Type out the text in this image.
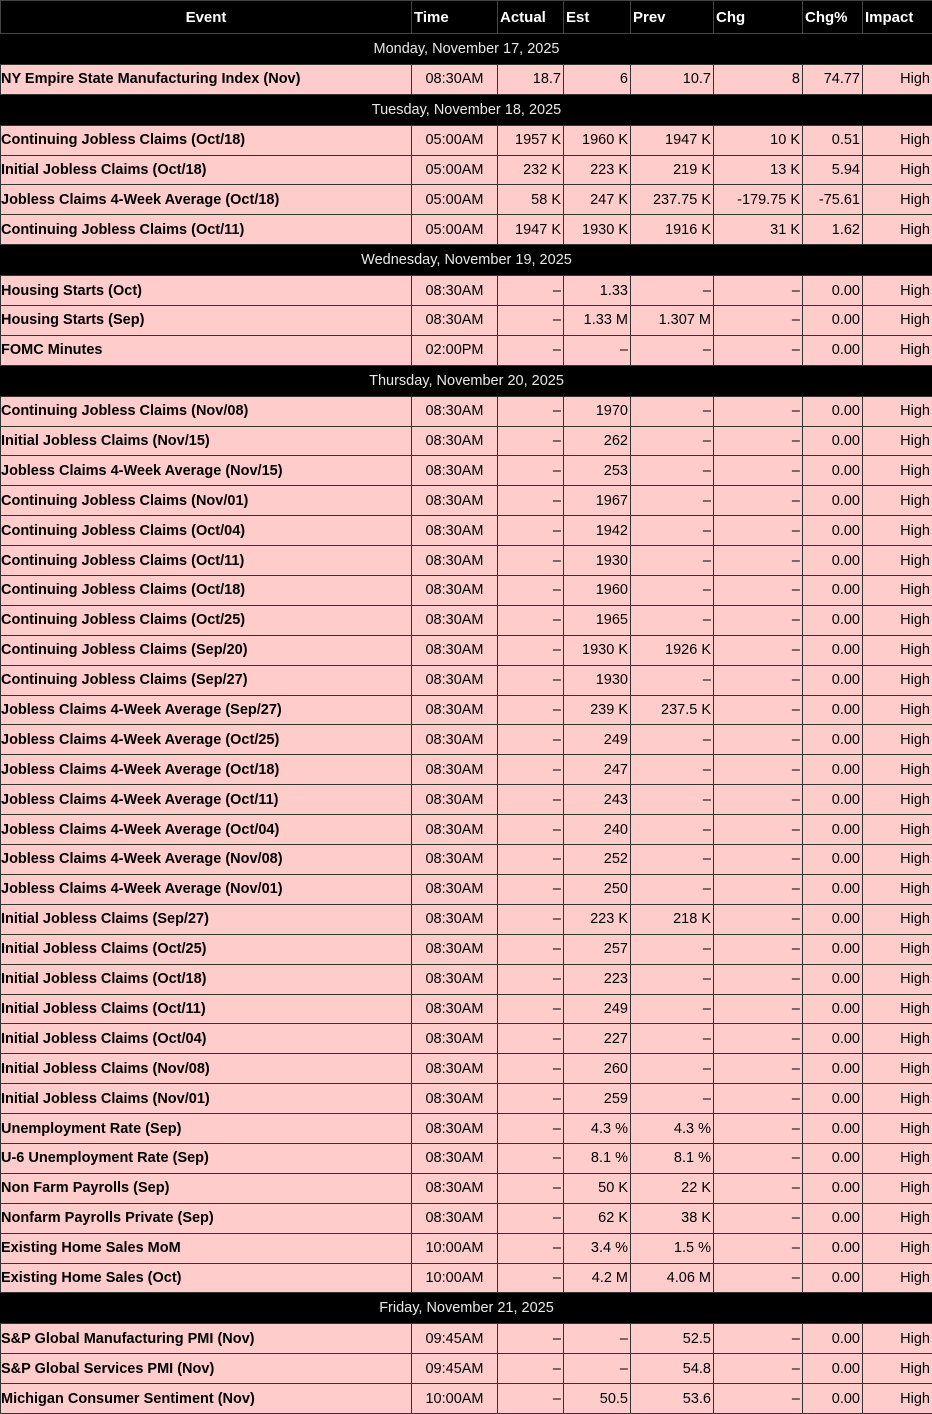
Event	Time	Actual	Est	Prev	Chg	Chg%	Impact
Monday, November 17, 2025							
NY Empire State Manufacturing Index (Nov)	08:30AM	18.7	6	10.7	8	74.77	High
Tuesday, November 18, 2025							
Continuing Jobless Claims (Oct/18)	05:00AM	1957 K	1960 K	1947 K	10 K	0.51	High
Initial Jobless Claims (Oct/18)	05:00AM	232 K	223 K	219 K	13 K	5.94	High
Jobless Claims 4-Week Average (Oct/18)	05:00AM	58 K	247 K	237.75 K	-179.75 K	-75.61	High
Continuing Jobless Claims (Oct/11)	05:00AM	1947 K	1930 K	1916 K	31 K	1.62	High
Wednesday, November 19, 2025							
Housing Starts (Oct)	08:30AM	–	1.33	–	–	0.00	High
Housing Starts (Sep)	08:30AM	–	1.33 M	1.307 M	–	0.00	High
FOMC Minutes	02:00PM	–	–	–	–	0.00	High
Thursday, November 20, 2025							
Continuing Jobless Claims (Nov/08)	08:30AM	–	1970	–	–	0.00	High
Initial Jobless Claims (Nov/15)	08:30AM	–	262	–	–	0.00	High
Jobless Claims 4-Week Average (Nov/15)	08:30AM	–	253	–	–	0.00	High
Continuing Jobless Claims (Nov/01)	08:30AM	–	1967	–	–	0.00	High
Continuing Jobless Claims (Oct/04)	08:30AM	–	1942	–	–	0.00	High
Continuing Jobless Claims (Oct/11)	08:30AM	–	1930	–	–	0.00	High
Continuing Jobless Claims (Oct/18)	08:30AM	–	1960	–	–	0.00	High
Continuing Jobless Claims (Oct/25)	08:30AM	–	1965	–	–	0.00	High
Continuing Jobless Claims (Sep/20)	08:30AM	–	1930 K	1926 K	–	0.00	High
Continuing Jobless Claims (Sep/27)	08:30AM	–	1930	–	–	0.00	High
Jobless Claims 4-Week Average (Sep/27)	08:30AM	–	239 K	237.5 K	–	0.00	High
Jobless Claims 4-Week Average (Oct/25)	08:30AM	–	249	–	–	0.00	High
Jobless Claims 4-Week Average (Oct/18)	08:30AM	–	247	–	–	0.00	High
Jobless Claims 4-Week Average (Oct/11)	08:30AM	–	243	–	–	0.00	High
Jobless Claims 4-Week Average (Oct/04)	08:30AM	–	240	–	–	0.00	High
Jobless Claims 4-Week Average (Nov/08)	08:30AM	–	252	–	–	0.00	High
Jobless Claims 4-Week Average (Nov/01)	08:30AM	–	250	–	–	0.00	High
Initial Jobless Claims (Sep/27)	08:30AM	–	223 K	218 K	–	0.00	High
Initial Jobless Claims (Oct/25)	08:30AM	–	257	–	–	0.00	High
Initial Jobless Claims (Oct/18)	08:30AM	–	223	–	–	0.00	High
Initial Jobless Claims (Oct/11)	08:30AM	–	249	–	–	0.00	High
Initial Jobless Claims (Oct/04)	08:30AM	–	227	–	–	0.00	High
Initial Jobless Claims (Nov/08)	08:30AM	–	260	–	–	0.00	High
Initial Jobless Claims (Nov/01)	08:30AM	–	259	–	–	0.00	High
Unemployment Rate (Sep)	08:30AM	–	4.3 %	4.3 %	–	0.00	High
U-6 Unemployment Rate (Sep)	08:30AM	–	8.1 %	8.1 %	–	0.00	High
Non Farm Payrolls (Sep)	08:30AM	–	50 K	22 K	–	0.00	High
Nonfarm Payrolls Private (Sep)	08:30AM	–	62 K	38 K	–	0.00	High
Existing Home Sales MoM	10:00AM	–	3.4 %	1.5 %	–	0.00	High
Existing Home Sales (Oct)	10:00AM	–	4.2 M	4.06 M	–	0.00	High
Friday, November 21, 2025							
S&P Global Manufacturing PMI (Nov)	09:45AM	–	–	52.5	–	0.00	High
S&P Global Services PMI (Nov)	09:45AM	–	–	54.8	–	0.00	High
Michigan Consumer Sentiment (Nov)	10:00AM	–	50.5	53.6	–	0.00	High
